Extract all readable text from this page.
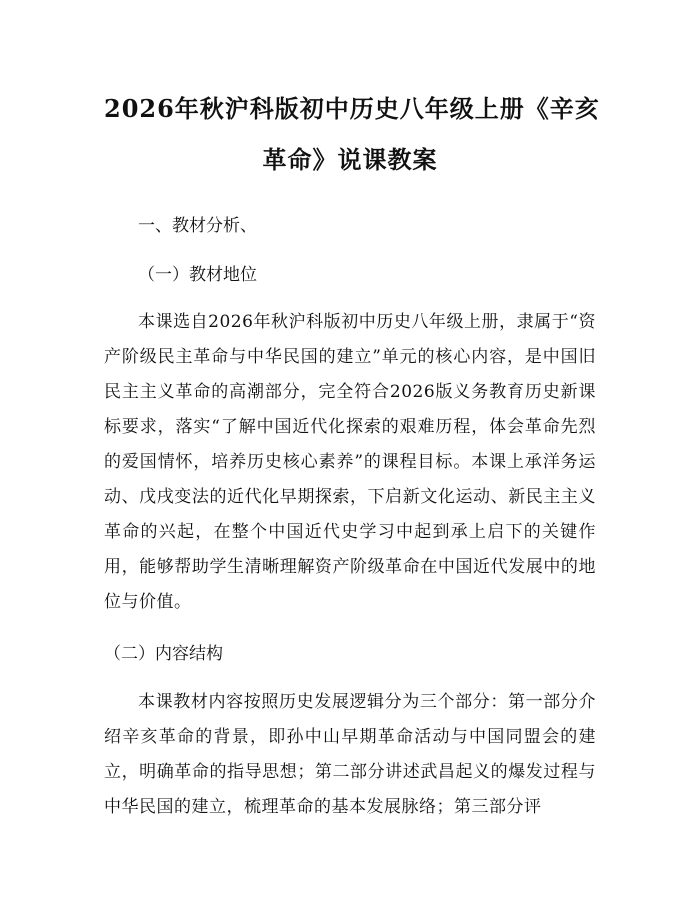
2026年秋沪科版初中历史八年级上册《辛亥
革命》说课教案

一、教材分析、

（一）教材地位

本课选自2026年秋沪科版初中历史八年级上册，隶属于“资产阶级民主革命与中华民国的建立”单元的核心内容，是中国旧民主主义革命的高潮部分，完全符合2026版义务教育历史新课标要求，落实“了解中国近代化探索的艰难历程，体会革命先烈的爱国情怀，培养历史核心素养”的课程目标。本课上承洋务运动、戊戌变法的近代化早期探索，下启新文化运动、新民主主义革命的兴起，在整个中国近代史学习中起到承上启下的关键作用，能够帮助学生清晰理解资产阶级革命在中国近代发展中的地位与价值。

（二）内容结构

本课教材内容按照历史发展逻辑分为三个部分：第一部分介绍辛亥革命的背景，即孙中山早期革命活动与中国同盟会的建立，明确革命的指导思想；第二部分讲述武昌起义的爆发过程与中华民国的建立，梳理革命的基本发展脉络；第三部分评
